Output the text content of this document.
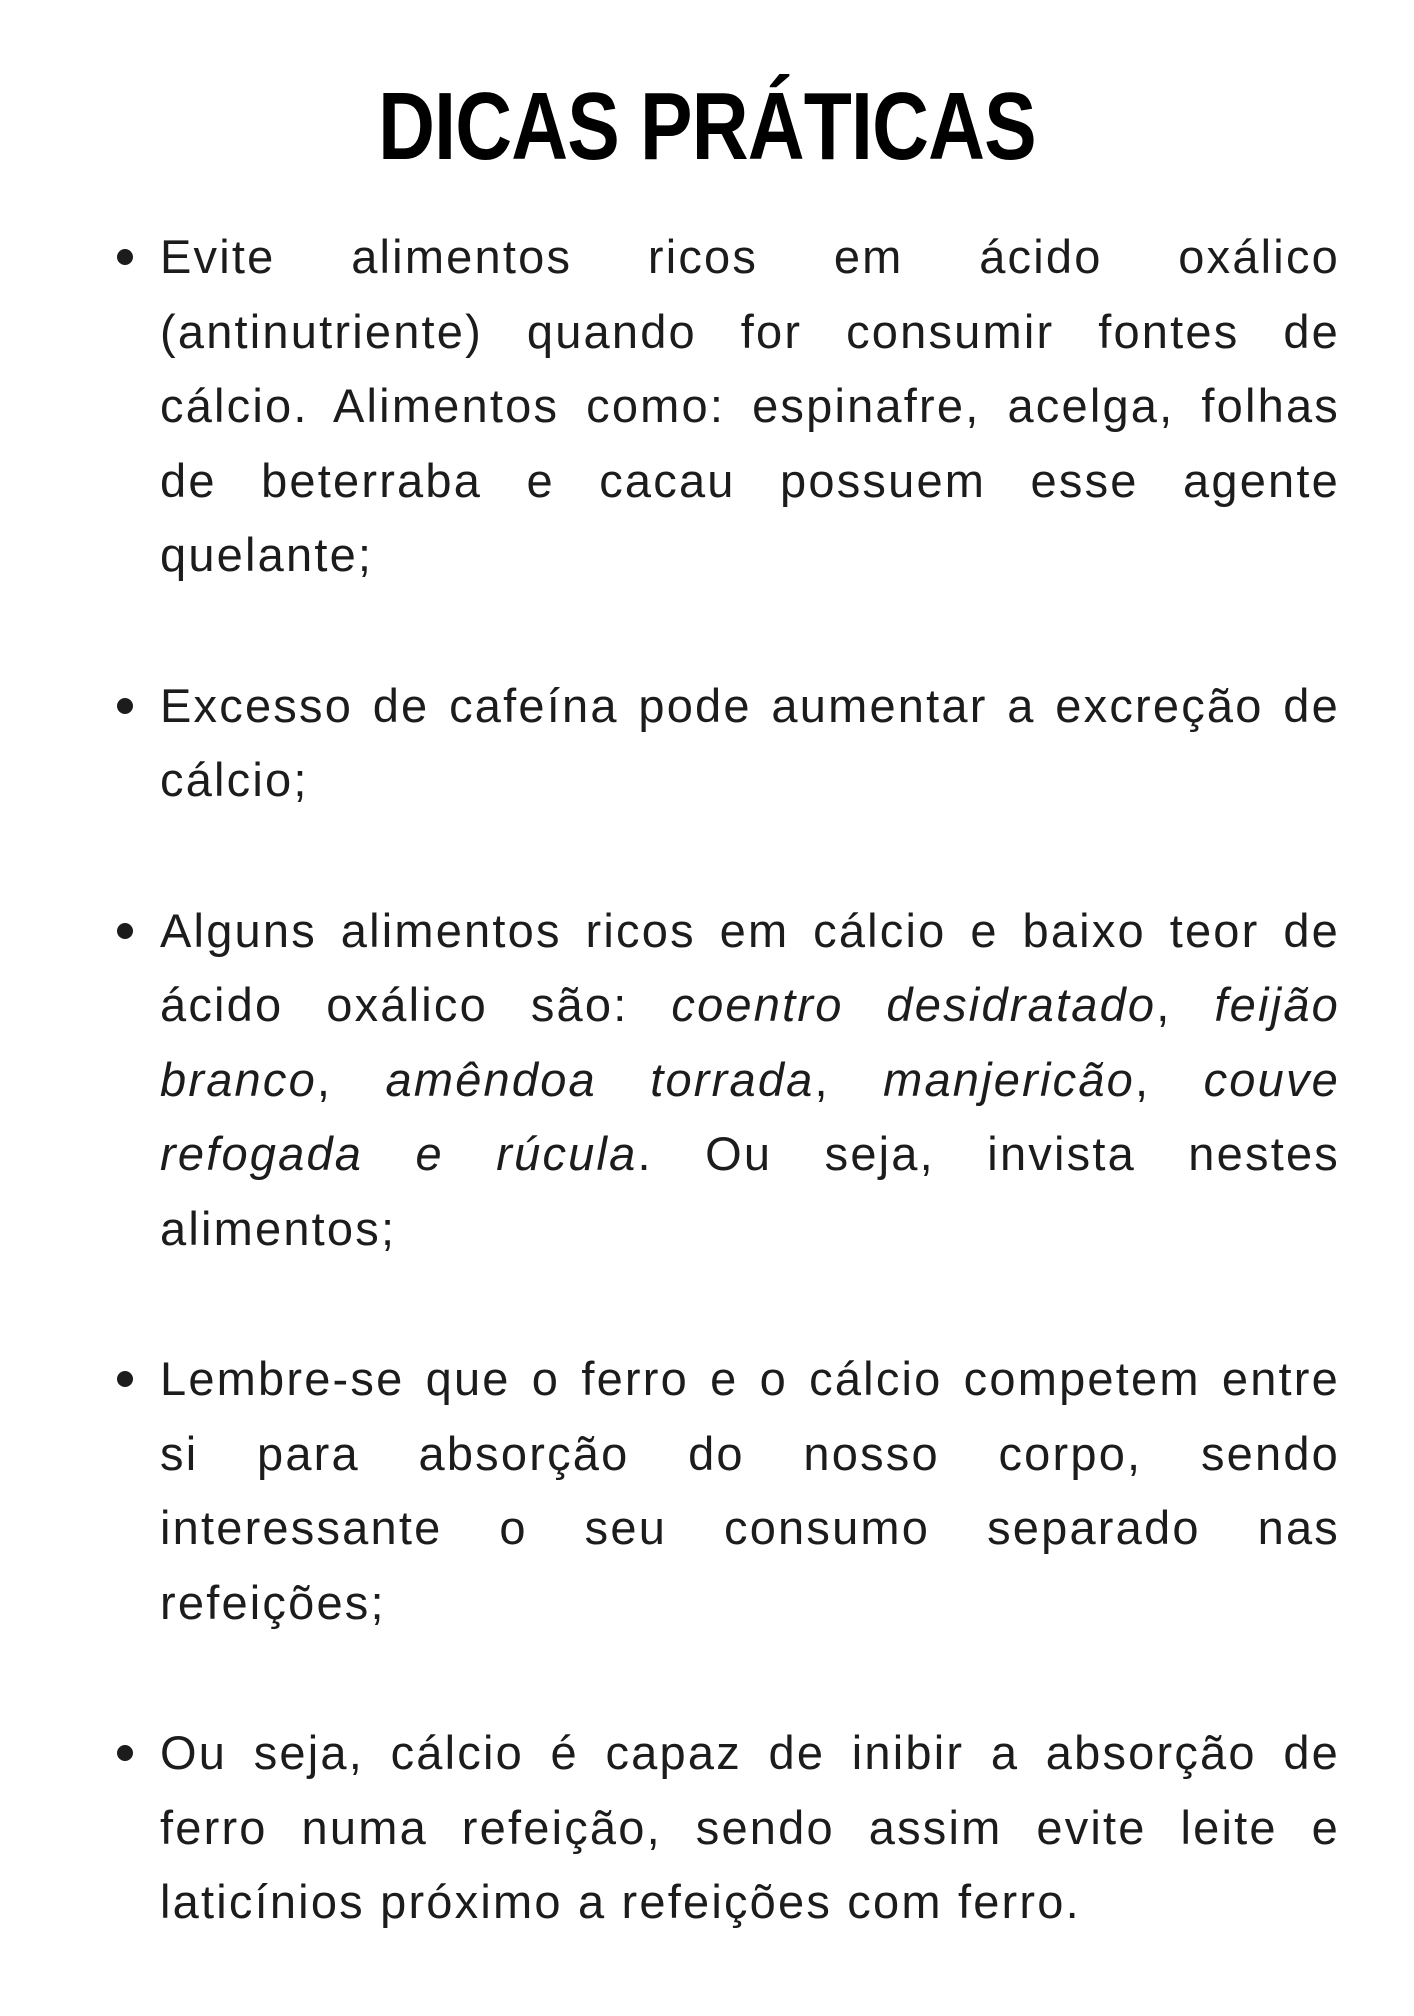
DICAS PRÁTICAS
Evite alimentos ricos em ácido oxálico (antinutriente) quando for consumir fontes de cálcio. Alimentos como: espinafre, acelga, folhas de beterraba e cacau possuem esse agente quelante;
Excesso de cafeína pode aumentar a excreção de cálcio;
Alguns alimentos ricos em cálcio e baixo teor de ácido oxálico são: coentro desidratado, feijão branco, amêndoa torrada, manjericão, couve refogada e rúcula. Ou seja, invista nestes alimentos;
Lembre-se que o ferro e o cálcio competem entre si para absorção do nosso corpo, sendo interessante o seu consumo separado nas refeições;
Ou seja, cálcio é capaz de inibir a absorção de ferro numa refeição, sendo assim evite leite e laticínios próximo a refeições com ferro.
